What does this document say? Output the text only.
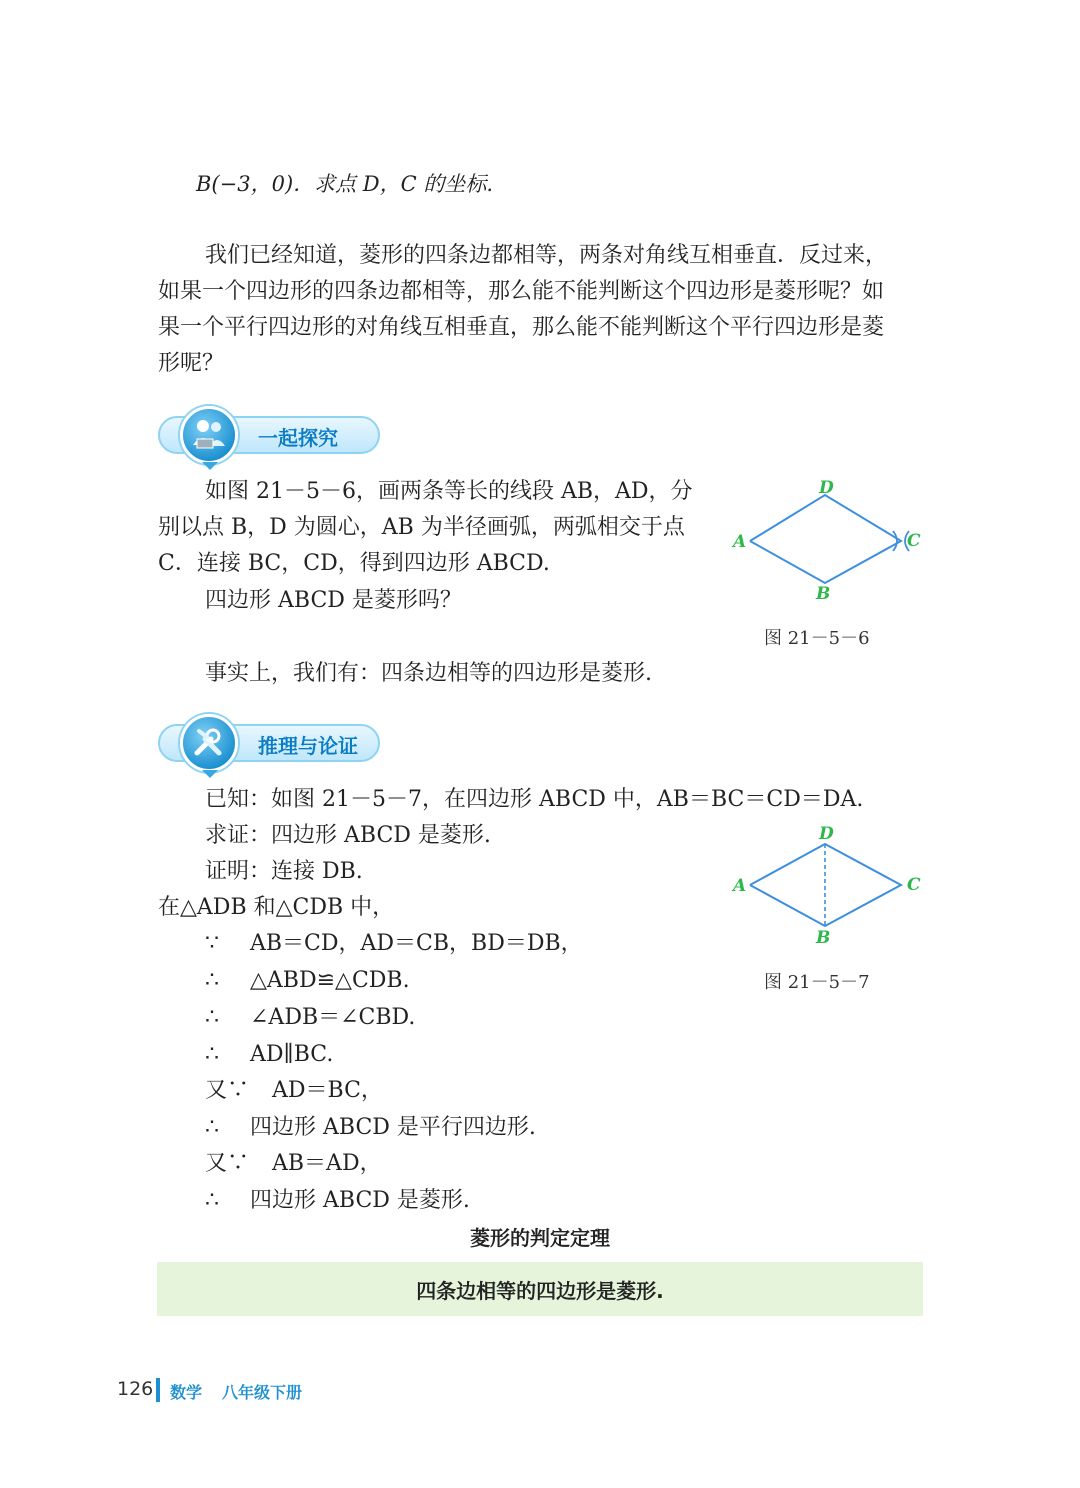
B(−3，0)．求点 D，C 的坐标.
我们已经知道，菱形的四条边都相等，两条对角线互相垂直．反过来，
如果一个四边形的四条边都相等，那么能不能判断这个四边形是菱形呢？如
果一个平行四边形的对角线互相垂直，那么能不能判断这个平行四边形是菱
形呢？
一起探究
如图 21－5－6，画两条等长的线段 AB，AD，分
别以点 B，D 为圆心，AB 为半径画弧，两弧相交于点
C．连接 BC，CD，得到四边形 ABCD.
四边形 ABCD 是菱形吗？
D
A	C
B
图 21－5－6
事实上，我们有：四条边相等的四边形是菱形.
推理与论证
已知：如图 21－5－7，在四边形 ABCD 中，AB＝BC＝CD＝DA.
求证：四边形 ABCD 是菱形.
证明：连接 DB.
在△ADB 和△CDB 中，
∵ AB＝CD，AD＝CB，BD＝DB，
∴ △ABD≌△CDB.
∴ ∠ADB＝∠CBD.
∴ AD∥BC.
又∵ AD＝BC，
∴ 四边形 ABCD 是平行四边形.
又∵ AB＝AD，
∴ 四边形 ABCD 是菱形.
D
A	C
B
图 21－5－7
菱形的判定定理
四条边相等的四边形是菱形.
126 数学 八年级下册
